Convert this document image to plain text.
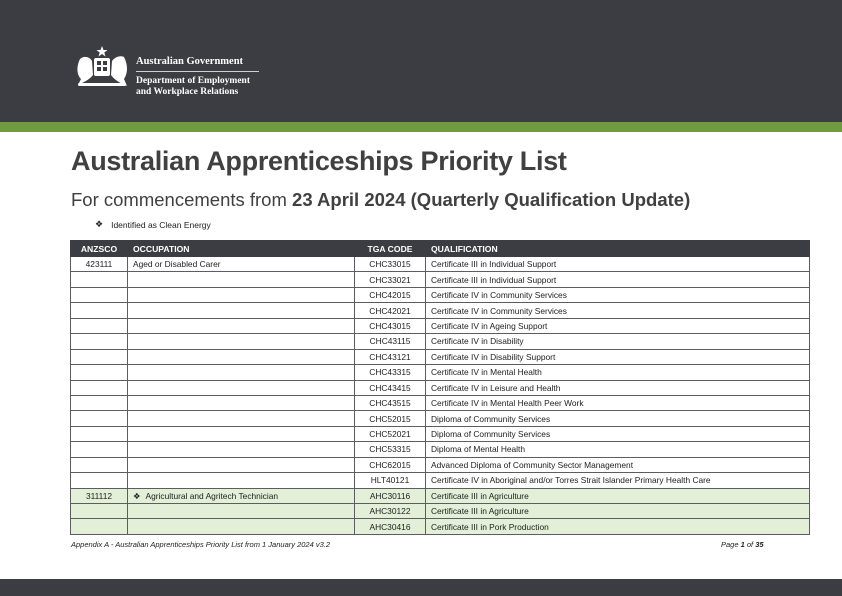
Australian Government
Department of Employment
and Workplace Relations
Australian Apprenticeships Priority List
For commencements from 23 April 2024 (Quarterly Qualification Update)
❖ Identified as Clean Energy
ANZSCO	OCCUPATION	TGA CODE	QUALIFICATION
423111	Aged or Disabled Carer	CHC33015	Certificate III in Individual Support
		CHC33021	Certificate III in Individual Support
		CHC42015	Certificate IV in Community Services
		CHC42021	Certificate IV in Community Services
		CHC43015	Certificate IV in Ageing Support
		CHC43115	Certificate IV in Disability
		CHC43121	Certificate IV in Disability Support
		CHC43315	Certificate IV in Mental Health
		CHC43415	Certificate IV in Leisure and Health
		CHC43515	Certificate IV in Mental Health Peer Work
		CHC52015	Diploma of Community Services
		CHC52021	Diploma of Community Services
		CHC53315	Diploma of Mental Health
		CHC62015	Advanced Diploma of Community Sector Management
		HLT40121	Certificate IV in Aboriginal and/or Torres Strait Islander Primary Health Care
311112	❖ Agricultural and Agritech Technician	AHC30116	Certificate III in Agriculture
		AHC30122	Certificate III in Agriculture
		AHC30416	Certificate III in Pork Production
Appendix A - Australian Apprenticeships Priority List from 1 January 2024 v3.2	Page 1 of 35
